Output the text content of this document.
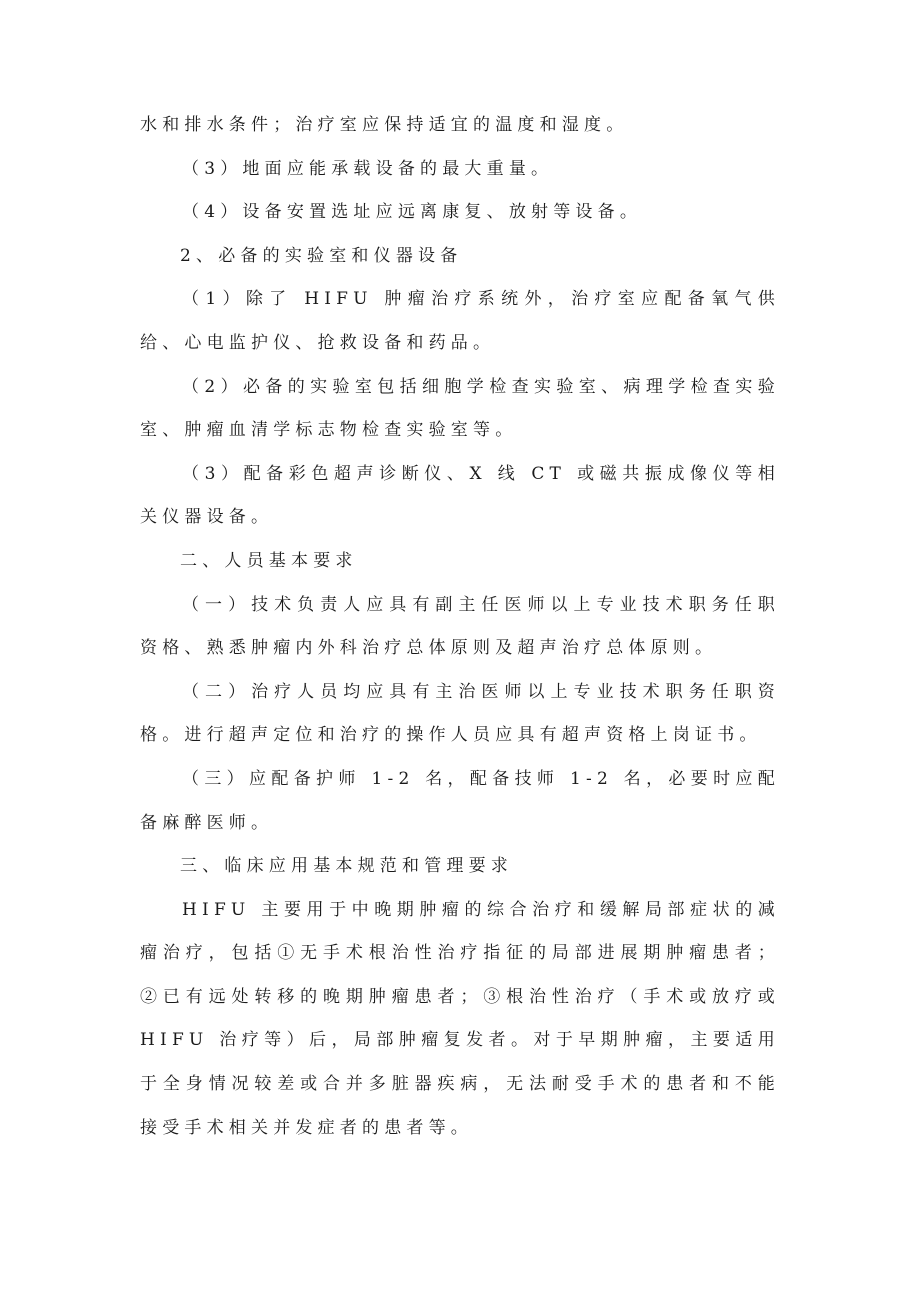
水和排水条件；治疗室应保持适宜的温度和湿度。

（3）地面应能承载设备的最大重量。

（4）设备安置选址应远离康复、放射等设备。

2、必备的实验室和仪器设备

（1）除了 HIFU 肿瘤治疗系统外，治疗室应配备氧气供给、心电监护仪、抢救设备和药品。

（2）必备的实验室包括细胞学检查实验室、病理学检查实验室、肿瘤血清学标志物检查实验室等。

（3）配备彩色超声诊断仪、X 线 CT 或磁共振成像仪等相关仪器设备。

二、人员基本要求

（一）技术负责人应具有副主任医师以上专业技术职务任职资格、熟悉肿瘤内外科治疗总体原则及超声治疗总体原则。

（二）治疗人员均应具有主治医师以上专业技术职务任职资格。进行超声定位和治疗的操作人员应具有超声资格上岗证书。

（三）应配备护师 1-2 名，配备技师 1-2 名，必要时应配备麻醉医师。

三、临床应用基本规范和管理要求

HIFU 主要用于中晚期肿瘤的综合治疗和缓解局部症状的减瘤治疗，包括①无手术根治性治疗指征的局部进展期肿瘤患者；②已有远处转移的晚期肿瘤患者；③根治性治疗（手术或放疗或 HIFU 治疗等）后，局部肿瘤复发者。对于早期肿瘤，主要适用于全身情况较差或合并多脏器疾病，无法耐受手术的患者和不能接受手术相关并发症者的患者等。
